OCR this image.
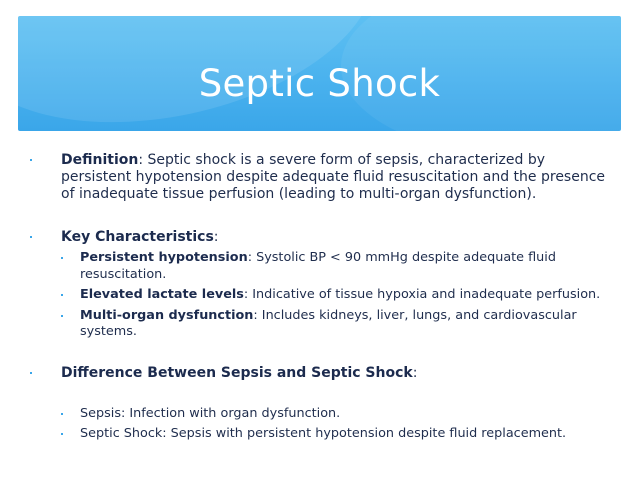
Septic Shock
Definition: Septic shock is a severe form of sepsis, characterized by persistent hypotension despite adequate fluid resuscitation and the presence of inadequate tissue perfusion (leading to multi-organ dysfunction).
Key Characteristics:
Persistent hypotension: Systolic BP < 90 mmHg despite adequate fluid resuscitation.
Elevated lactate levels: Indicative of tissue hypoxia and inadequate perfusion.
Multi-organ dysfunction: Includes kidneys, liver, lungs, and cardiovascular systems.
Difference Between Sepsis and Septic Shock:
Sepsis: Infection with organ dysfunction.
Septic Shock: Sepsis with persistent hypotension despite fluid replacement.
